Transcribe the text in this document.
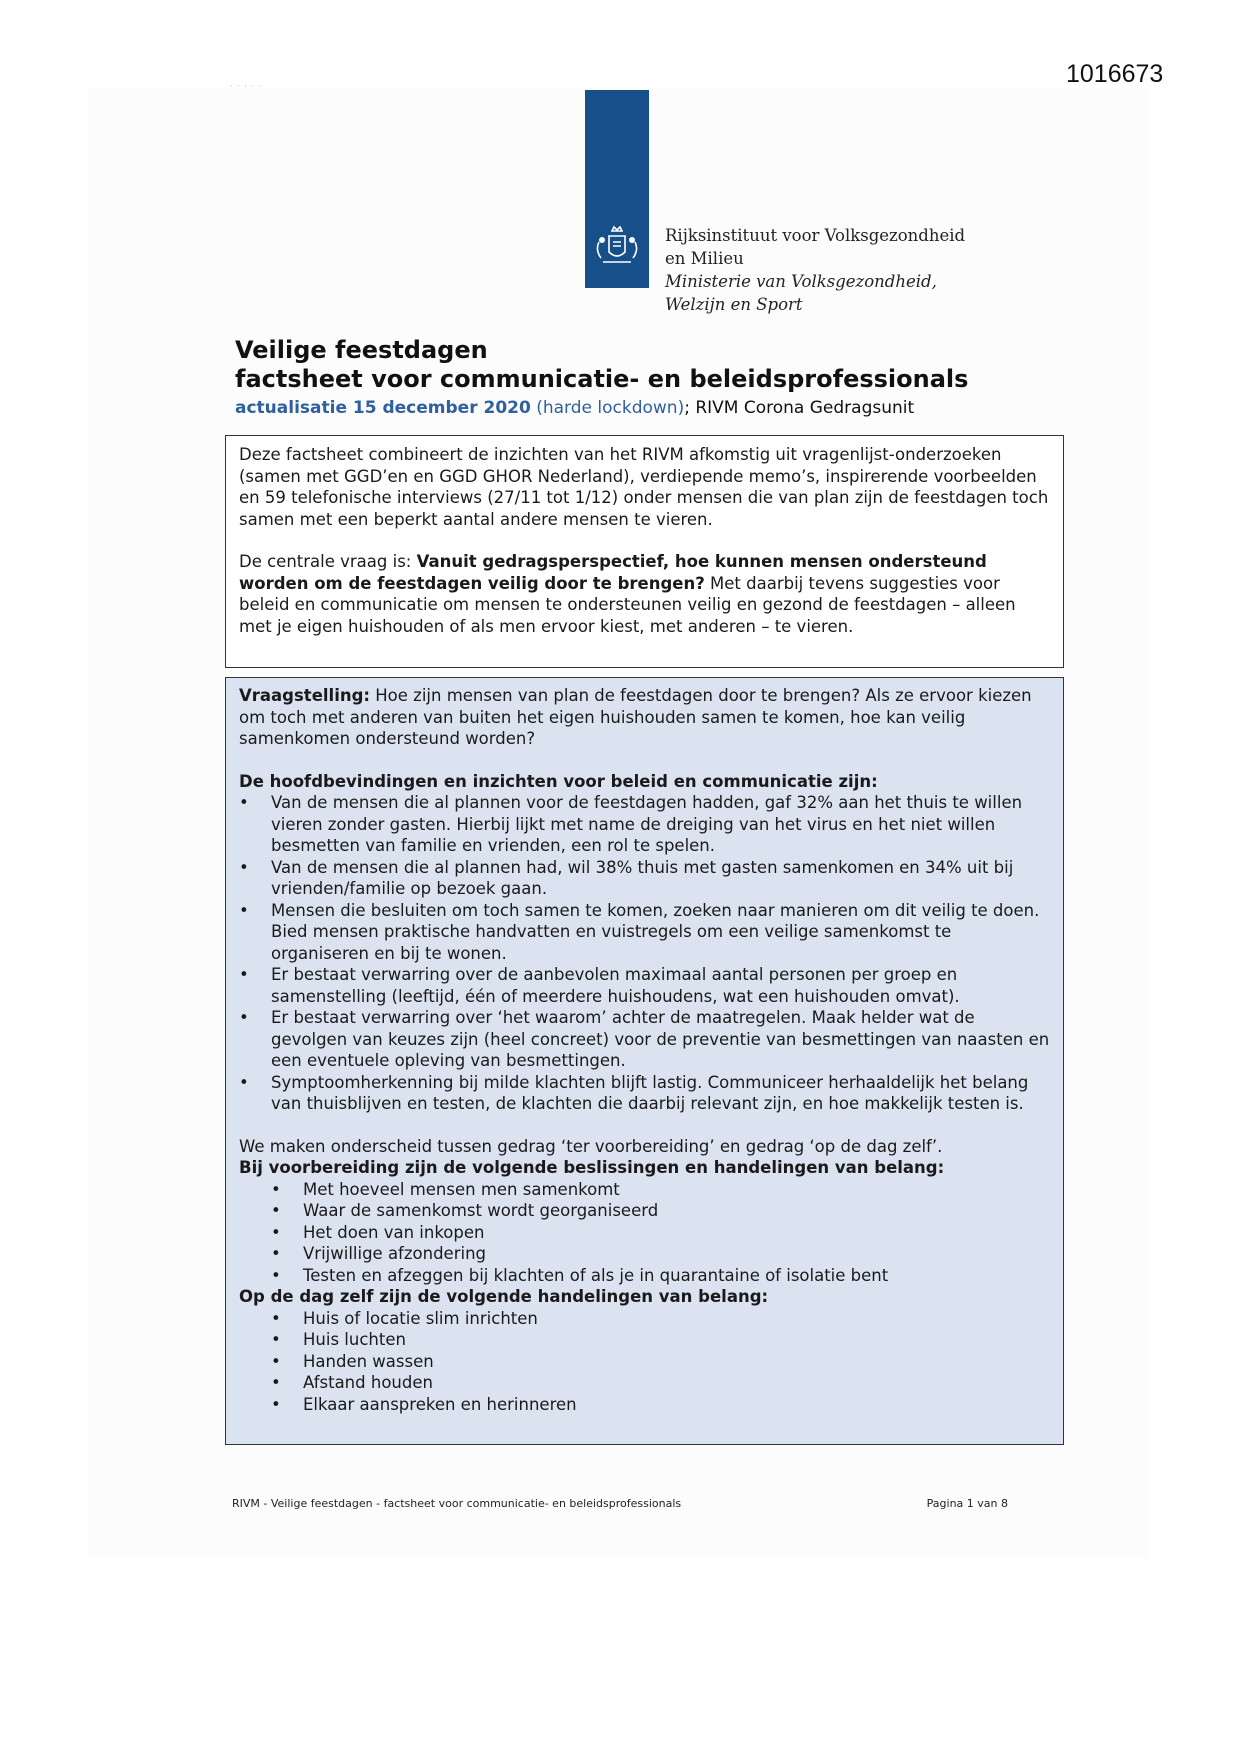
1016673
· · · · ·
Rijksinstituut voor Volksgezondheid
en Milieu
Ministerie van Volksgezondheid,
Welzijn en Sport
Veilige feestdagen
factsheet voor communicatie- en beleidsprofessionals
actualisatie 15 december 2020 (harde lockdown); RIVM Corona Gedragsunit

Deze factsheet combineert de inzichten van het RIVM afkomstig uit vragenlijst-onderzoeken (samen met GGD’en en GGD GHOR Nederland), verdiepende memo’s, inspirerende voorbeelden en 59 telefonische interviews (27/11 tot 1/12) onder mensen die van plan zijn de feestdagen toch samen met een beperkt aantal andere mensen te vieren.

De centrale vraag is: Vanuit gedragsperspectief, hoe kunnen mensen ondersteund worden om de feestdagen veilig door te brengen? Met daarbij tevens suggesties voor beleid en communicatie om mensen te ondersteunen veilig en gezond de feestdagen – alleen met je eigen huishouden of als men ervoor kiest, met anderen – te vieren.

Vraagstelling: Hoe zijn mensen van plan de feestdagen door te brengen? Als ze ervoor kiezen om toch met anderen van buiten het eigen huishouden samen te komen, hoe kan veilig samenkomen ondersteund worden?

De hoofdbevindingen en inzichten voor beleid en communicatie zijn:

• Van de mensen die al plannen voor de feestdagen hadden, gaf 32% aan het thuis te willen vieren zonder gasten. Hierbij lijkt met name de dreiging van het virus en het niet willen besmetten van familie en vrienden, een rol te spelen.
• Van de mensen die al plannen had, wil 38% thuis met gasten samenkomen en 34% uit bij vrienden/familie op bezoek gaan.
• Mensen die besluiten om toch samen te komen, zoeken naar manieren om dit veilig te doen. Bied mensen praktische handvatten en vuistregels om een veilige samenkomst te organiseren en bij te wonen.
• Er bestaat verwarring over de aanbevolen maximaal aantal personen per groep en samenstelling (leeftijd, één of meerdere huishoudens, wat een huishouden omvat).
• Er bestaat verwarring over ‘het waarom’ achter de maatregelen. Maak helder wat de gevolgen van keuzes zijn (heel concreet) voor de preventie van besmettingen van naasten en een eventuele opleving van besmettingen.
• Symptoomherkenning bij milde klachten blijft lastig. Communiceer herhaaldelijk het belang van thuisblijven en testen, de klachten die daarbij relevant zijn, en hoe makkelijk testen is.

We maken onderscheid tussen gedrag ‘ter voorbereiding’ en gedrag ‘op de dag zelf’.

Bij voorbereiding zijn de volgende beslissingen en handelingen van belang:

• Met hoeveel mensen men samenkomt
• Waar de samenkomst wordt georganiseerd
• Het doen van inkopen
• Vrijwillige afzondering
• Testen en afzeggen bij klachten of als je in quarantaine of isolatie bent

Op de dag zelf zijn de volgende handelingen van belang:

• Huis of locatie slim inrichten
• Huis luchten
• Handen wassen
• Afstand houden
• Elkaar aanspreken en herinneren
RIVM - Veilige feestdagen - factsheet voor communicatie- en beleidsprofessionals	Pagina 1 van 8
